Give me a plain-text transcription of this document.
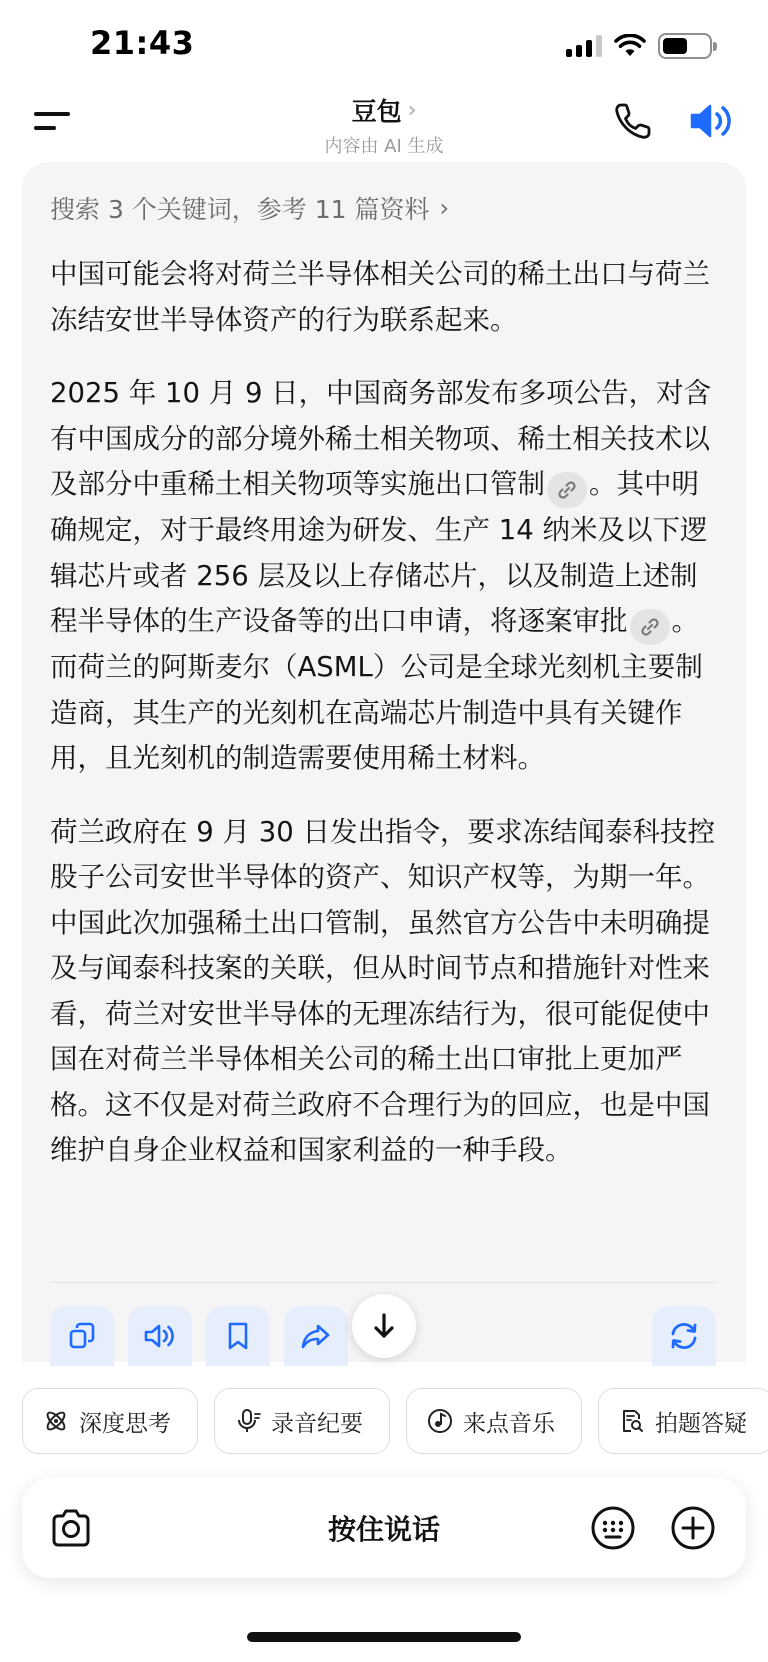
21:43
豆包 ›
内容由 AI 生成
搜索 3 个关键词，参考 11 篇资料 ›

中国可能会将对荷兰半导体相关公司的稀土出口与荷兰冻结安世半导体资产的行为联系起来。

2025 年 10 月 9 日，中国商务部发布多项公告，对含有中国成分的部分境外稀土相关物项、稀土相关技术以及部分中重稀土相关物项等实施出口管制 。其中明确规定，对于最终用途为研发、生产 14 纳米及以下逻辑芯片或者 256 层及以上存储芯片，以及制造上述制程半导体的生产设备等的出口申请，将逐案审批 。而荷兰的阿斯麦尔（ASML）公司是全球光刻机主要制造商，其生产的光刻机在高端芯片制造中具有关键作用，且光刻机的制造需要使用稀土材料。

荷兰政府在 9 月 30 日发出指令，要求冻结闻泰科技控股子公司安世半导体的资产、知识产权等，为期一年。中国此次加强稀土出口管制，虽然官方公告中未明确提及与闻泰科技案的关联，但从时间节点和措施针对性来看，荷兰对安世半导体的无理冻结行为，很可能促使中国在对荷兰半导体相关公司的稀土出口审批上更加严格。这不仅是对荷兰政府不合理行为的回应，也是中国维护自身企业权益和国家利益的一种手段。

深度思考	录音纪要	来点音乐	拍题答疑
按住说话
